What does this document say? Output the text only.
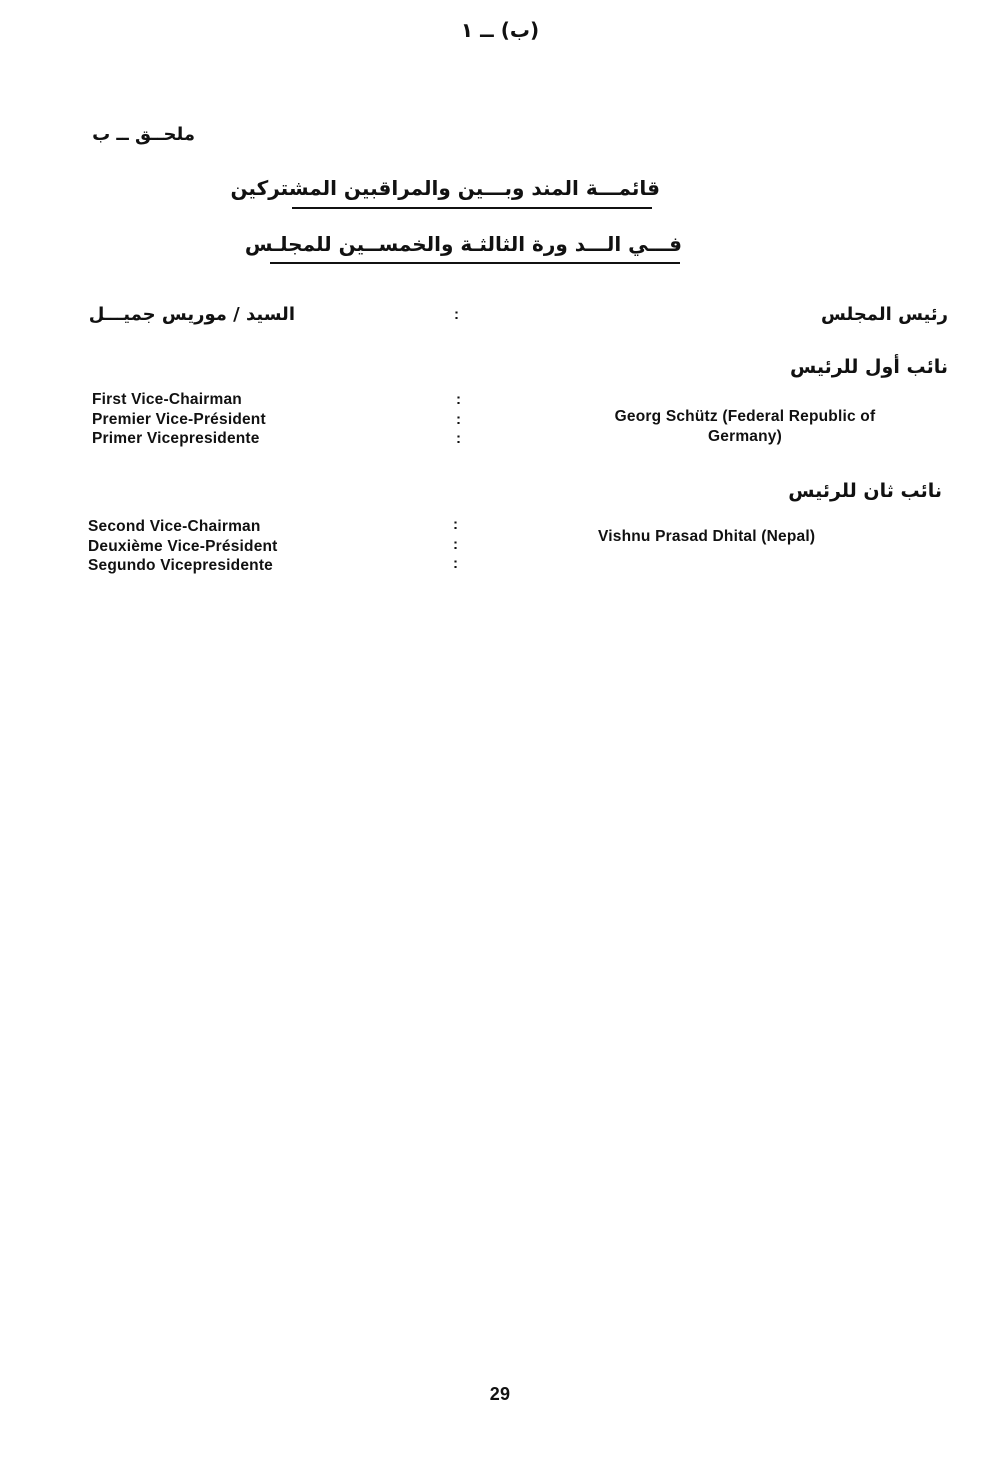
(ب) ــ ١
ملحــق ــ ب
قائمـــة المند وبـــين والمراقبين المشتركين
فـــي الـــد ورة الثالثـة والخمســين للمجلـس
رئيس المجلس
:
السيد / موريس جميـــل
نائب أول للرئيس
First Vice-Chairman
Premier Vice-Président
Primer Vicepresidente
:
:
:
Georg Schütz (Federal Republic of
Germany)
نائب ثان للرئيس
Second Vice-Chairman
Deuxième Vice-Président
Segundo Vicepresidente
:
:
:
Vishnu Prasad Dhital (Nepal)
29
